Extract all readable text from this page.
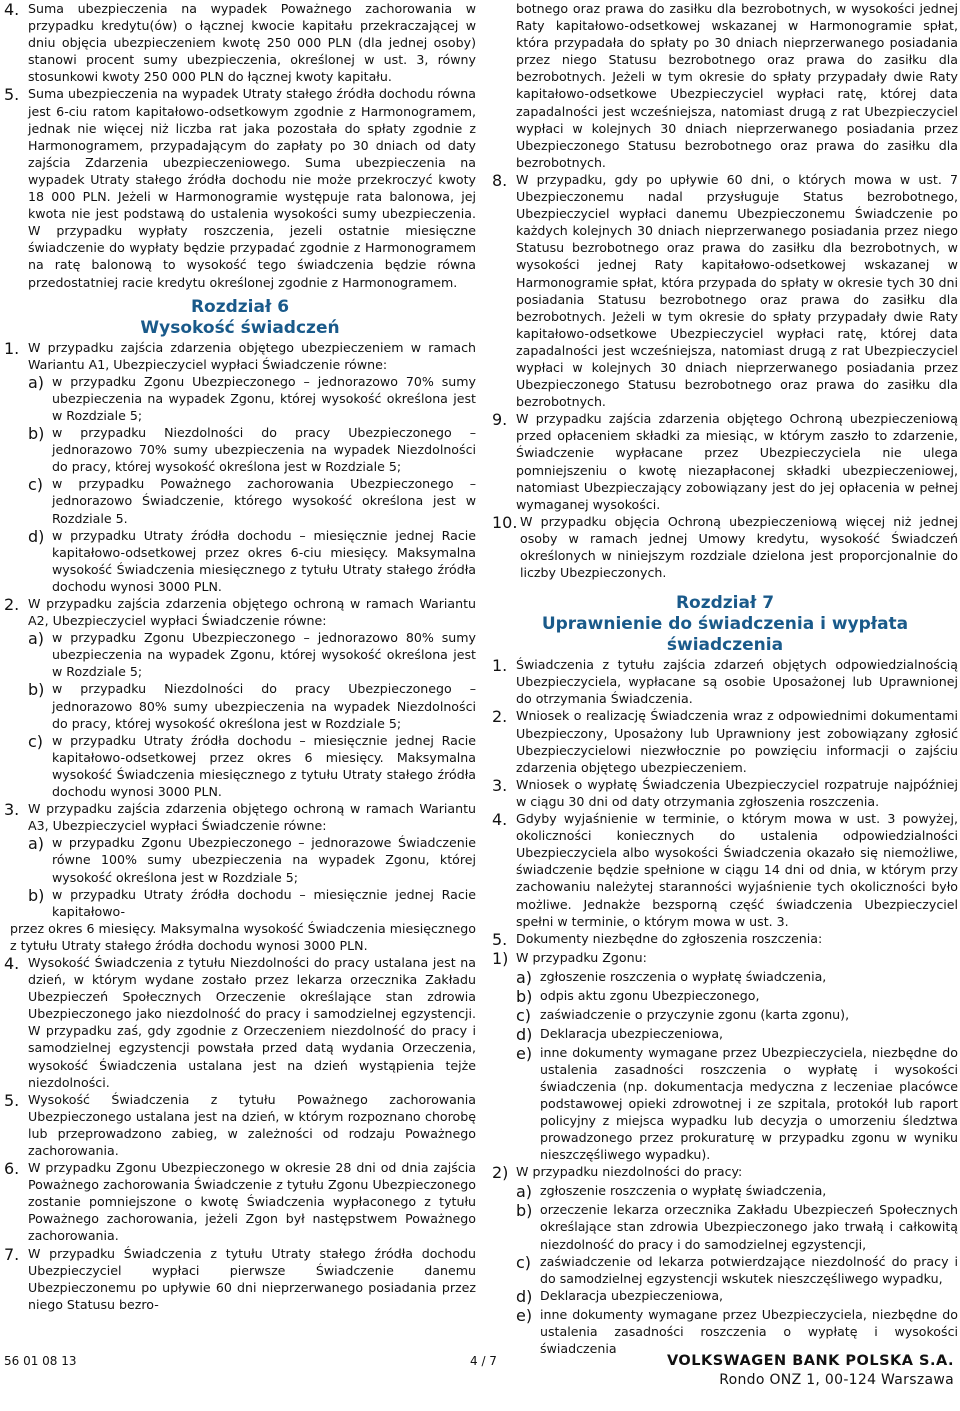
4. Suma ubezpieczenia na wypadek Poważnego zachorowania w przypadku kredytu(ów) o łącznej kwocie kapitału przekraczającej w dniu objęcia ubezpieczeniem kwotę 250 000 PLN (dla jednej osoby) stanowi procent sumy ubezpieczenia, określonej w ust. 3, równy stosunkowi kwoty 250 000 PLN do łącznej kwoty kapitału.

5. Suma ubezpieczenia na wypadek Utraty stałego źródła dochodu równa jest 6-ciu ratom kapitałowo-odsetkowym zgodnie z Harmonogramem, jednak nie więcej niż liczba rat jaka pozostała do spłaty zgodnie z Harmonogramem, przypadającym do zapłaty po 30 dniach od daty zajścia Zdarzenia ubezpieczeniowego. Suma ubezpieczenia na wypadek Utraty stałego źródła dochodu nie może przekroczyć kwoty 18 000 PLN. Jeżeli w Harmonogramie występuje rata balonowa, jej kwota nie jest podstawą do ustalenia wysokości sumy ubezpieczenia. W przypadku wypłaty roszczenia, jezeli ostatnie miesięczne świadczenie do wypłaty będzie przypadać zgodnie z Harmonogramem na ratę balonową to wysokość tego świadczenia będzie równa przedostatniej racie kredytu określonej zgodnie z Harmonogramem.

Rozdział 6
Wysokość świadczeń
1. W przypadku zajścia zdarzenia objętego ubezpieczeniem w ramach Wariantu A1, Ubezpieczyciel wypłaci Świadczenie równe:

a) w przypadku Zgonu Ubezpieczonego – jednorazowo 70% sumy ubezpieczenia na wypadek Zgonu, której wysokość określona jest w Rozdziale 5;

b) w przypadku Niezdolności do pracy Ubezpieczonego – jednorazowo 70% sumy ubezpieczenia na wypadek Niezdolności do pracy, której wysokość określona jest w Rozdziale 5;

c) w przypadku Poważnego zachorowania Ubezpieczonego – jednorazowo Świadczenie, którego wysokość określona jest w Rozdziale 5.

d) w przypadku Utraty źródła dochodu – miesięcznie jednej Racie kapitałowo-odsetkowej przez okres 6-ciu miesięcy. Maksymalna wysokość Świadczenia miesięcznego z tytułu Utraty stałego źródła dochodu wynosi 3000 PLN.

2. W przypadku zajścia zdarzenia objętego ochroną w ramach Wariantu A2, Ubezpieczyciel wypłaci Świadczenie równe:

a) w przypadku Zgonu Ubezpieczonego – jednorazowo 80% sumy ubezpieczenia na wypadek Zgonu, której wysokość określona jest w Rozdziale 5;

b) w przypadku Niezdolności do pracy Ubezpieczonego – jednorazowo 80% sumy ubezpieczenia na wypadek Niezdolności do pracy, której wysokość określona jest w Rozdziale 5;

c) w przypadku Utraty źródła dochodu – miesięcznie jednej Racie kapitałowo-odsetkowej przez okres 6 miesięcy. Maksymalna wysokość Świadczenia miesięcznego z tytułu Utraty stałego źródła dochodu wynosi 3000 PLN.

3. W przypadku zajścia zdarzenia objętego ochroną w ramach Wariantu A3, Ubezpieczyciel wypłaci Świadczenie równe:

a) w przypadku Zgonu Ubezpieczonego – jednorazowe Świadczenie równe 100% sumy ubezpieczenia na wypadek Zgonu, której wysokość określona jest w Rozdziale 5;

b) w przypadku Utraty źródła dochodu – miesięcznie jednej Racie kapitałowo-

przez okres 6 miesięcy. Maksymalna wysokość Świadczenia miesięcznego z tytułu Utraty stałego źródła dochodu wynosi 3000 PLN.

4. Wysokość Świadczenia z tytułu Niezdolności do pracy ustalana jest na dzień, w którym wydane zostało przez lekarza orzecznika Zakładu Ubezpieczeń Społecznych Orzeczenie określające stan zdrowia Ubezpieczonego jako niezdolność do pracy i samodzielnej egzystencji. W przypadku zaś, gdy zgodnie z Orzeczeniem niezdolność do pracy i samodzielnej egzystencji powstała przed datą wydania Orzeczenia, wysokość Świadczenia ustalana jest na dzień wystąpienia tejże niezdolności.

5. Wysokość Świadczenia z tytułu Poważnego zachorowania Ubezpieczonego ustalana jest na dzień, w którym rozpoznano chorobę lub przeprowadzono zabieg, w zależności od rodzaju Poważnego zachorowania.

6. W przypadku Zgonu Ubezpieczonego w okresie 28 dni od dnia zajścia Poważnego zachorowania Świadczenie z tytułu Zgonu Ubezpieczonego zostanie pomniejszone o kwotę Świadczenia wypłaconego z tytułu Poważnego zachorowania, jeżeli Zgon był następstwem Poważnego zachorowania.

7. W przypadku Świadczenia z tytułu Utraty stałego źródła dochodu Ubezpieczyciel wypłaci pierwsze Świadczenie danemu Ubezpieczonemu po upływie 60 dni nieprzerwanego posiadania przez niego Statusu bezro-

botnego oraz prawa do zasiłku dla bezrobotnych, w wysokości jednej Raty kapitałowo-odsetkowej wskazanej w Harmonogramie spłat, która przypadała do spłaty po 30 dniach nieprzerwanego posiadania przez niego Statusu bezrobotnego oraz prawa do zasiłku dla bezrobotnych. Jeżeli w tym okresie do spłaty przypadały dwie Raty kapitałowo-odsetkowe Ubezpieczyciel wypłaci ratę, której data zapadalności jest wcześniejsza, natomiast drugą z rat Ubezpieczyciel wypłaci w kolejnych 30 dniach nieprzerwanego posiadania przez Ubezpieczonego Statusu bezrobotnego oraz prawa do zasiłku dla bezrobotnych.

8. W przypadku, gdy po upływie 60 dni, o których mowa w ust. 7 Ubezpieczonemu nadal przysługuje Status bezrobotnego, Ubezpieczyciel wypłaci danemu Ubezpieczonemu Świadczenie po każdych kolejnych 30 dniach nieprzerwanego posiadania przez niego Statusu bezrobotnego oraz prawa do zasiłku dla bezrobotnych, w wysokości jednej Raty kapitałowo-odsetkowej wskazanej w Harmonogramie spłat, która przypada do spłaty w okresie tych 30 dni posiadania Statusu bezrobotnego oraz prawa do zasiłku dla bezrobotnych. Jeżeli w tym okresie do spłaty przypadały dwie Raty kapitałowo-odsetkowe Ubezpieczyciel wypłaci ratę, której data zapadalności jest wcześniejsza, natomiast drugą z rat Ubezpieczyciel wypłaci w kolejnych 30 dniach nieprzerwanego posiadania przez Ubezpieczonego Statusu bezrobotnego oraz prawa do zasiłku dla bezrobotnych.

9. W przypadku zajścia zdarzenia objętego Ochroną ubezpieczeniową przed opłaceniem składki za miesiąc, w którym zaszło to zdarzenie, Świadczenie wypłacane przez Ubezpieczyciela nie ulega pomniejszeniu o kwotę niezapłaconej składki ubezpieczeniowej, natomiast Ubezpieczający zobowiązany jest do jej opłacenia w pełnej wymaganej wysokości.

10. W przypadku objęcia Ochroną ubezpieczeniową więcej niż jednej osoby w ramach jednej Umowy kredytu, wysokość Świadczeń określonych w niniejszym rozdziale dzielona jest proporcjonalnie do liczby Ubezpieczonych.

Rozdział 7
Uprawnienie do świadczenia i wypłata świadczenia
1. Świadczenia z tytułu zajścia zdarzeń objętych odpowiedzialnością Ubezpieczyciela, wypłacane są osobie Uposażonej lub Uprawnionej do otrzymania Świadczenia.

2. Wniosek o realizację Świadczenia wraz z odpowiednimi dokumentami Ubezpieczony, Uposażony lub Uprawniony jest zobowiązany zgłosić Ubezpieczycielowi niezwłocznie po powzięciu informacji o zajściu zdarzenia objętego ubezpieczeniem.

3. Wniosek o wypłatę Świadczenia Ubezpieczyciel rozpatruje najpóźniej w ciągu 30 dni od daty otrzymania zgłoszenia roszczenia.

4. Gdyby wyjaśnienie w terminie, o którym mowa w ust. 3 powyżej, okoliczności koniecznych do ustalenia odpowiedzialności Ubezpieczyciela albo wysokości Świadczenia okazało się niemożliwe, świadczenie będzie spełnione w ciągu 14 dni od dnia, w którym przy zachowaniu należytej staranności wyjaśnienie tych okoliczności było możliwe. Jednakże bezsporną część świadczenia Ubezpieczyciel spełni w terminie, o którym mowa w ust. 3.

5. Dokumenty niezbędne do zgłoszenia roszczenia:

1) W przypadku Zgonu:

a) zgłoszenie roszczenia o wypłatę świadczenia,

b) odpis aktu zgonu Ubezpieczonego,

c) zaświadczenie o przyczynie zgonu (karta zgonu),

d) Deklaracja ubezpieczeniowa,

e) inne dokumenty wymagane przez Ubezpieczyciela, niezbędne do ustalenia zasadności roszczenia o wypłatę i wysokości świadczenia (np. dokumentacja medyczna z leczeniae placówce podstawowej opieki zdrowotnej i ze szpitala, protokół lub raport policyjny z miejsca wypadku lub decyzja o umorzeniu śledztwa prowadzonego przez prokuraturę w przypadku zgonu w wyniku nieszczęśliwego wypadku).

2) W przypadku niezdolności do pracy:

a) zgłoszenie roszczenia o wypłatę świadczenia,

b) orzeczenie lekarza orzecznika Zakładu Ubezpieczeń Społecznych określające stan zdrowia Ubezpieczonego jako trwałą i całkowitą niezdolność do pracy i do samodzielnej egzystencji,

c) zaświadczenie od lekarza potwierdzające niezdolność do pracy i do samodzielnej egzystencji wskutek nieszczęśliwego wypadku,

d) Deklaracja ubezpieczeniowa,

e) inne dokumenty wymagane przez Ubezpieczyciela, niezbędne do ustalenia zasadności roszczenia o wypłatę i wysokości świadczenia

56 01 08 13	4 / 7	VOLKSWAGEN BANK POLSKA S.A.
Rondo ONZ 1, 00-124 Warszawa
